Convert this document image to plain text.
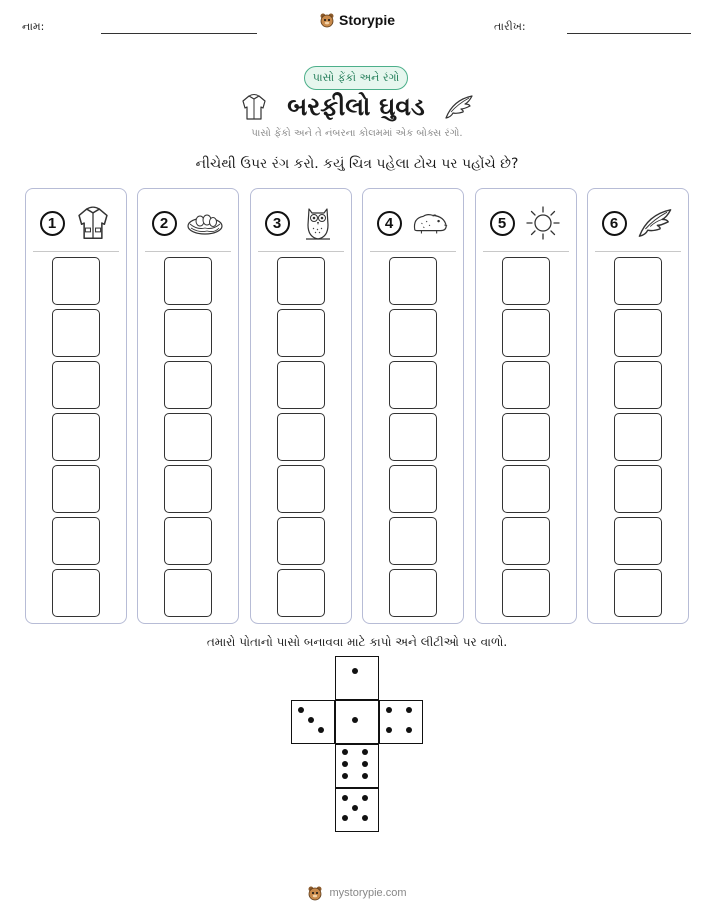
નામ:	Storypie	તારીખ:
પાસો ફેંકો અને રંગો
બરફીલો ઘુવડ
પાસો ફેંકો અને તે નંબરના કોલમમાં એક બોક્સ રંગો.
નીચેથી ઉપર રંગ કરો. કયું ચિત્ર પહેલા ટોચ પર પહોંચે છે?
1	2	3	4	5	6
તમારો પોતાનો પાસો બનાવવા માટે કાપો અને લીટીઓ પર વાળો.
mystorypie.com
